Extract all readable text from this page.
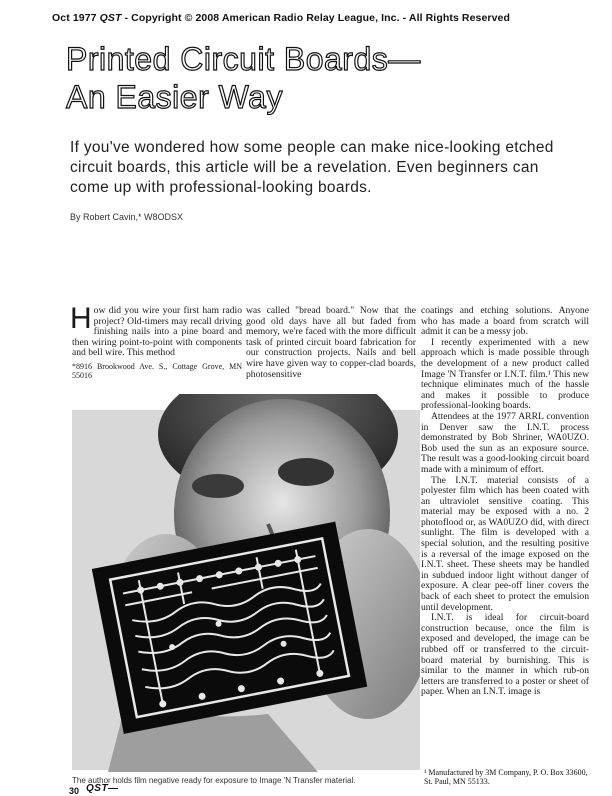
Oct 1977 QST - Copyright © 2008 American Radio Relay League, Inc. - All Rights Reserved
Printed Circuit Boards—
An Easier Way
If you've wondered how some people can make nice-looking etched circuit boards, this article will be a revelation. Even beginners can come up with professional-looking boards.
By Robert Cavin,* W8ODSX
H ow did you wire your first ham radio project? Old-timers may recall driving finishing nails into a pine board and then wiring point-to-point with components and bell wire. This method

*8916 Brookwood Ave. S., Cottage Grove, MN 55016

was called "bread board." Now that the good old days have all but faded from memory, we're faced with the more difficult task of printed circuit board fabrication for our construction projects. Nails and bell wire have given way to copper-clad boards, photosensitive

coatings and etching solutions. Anyone who has made a board from scratch will admit it can be a messy job.

I recently experimented with a new approach which is made possible through the development of a new product called Image 'N Transfer or I.N.T. film.¹ This new technique eliminates much of the hassle and makes it possible to produce professional-looking boards.

Attendees at the 1977 ARRL convention in Denver saw the I.N.T. process demonstrated by Bob Shriner, WA0UZO. Bob used the sun as an exposure source. The result was a good-looking circuit board made with a minimum of effort.

The I.N.T. material consists of a polyester film which has been coated with an ultraviolet sensitive coating. This material may be exposed with a no. 2 photoflood or, as WA0UZO did, with direct sunlight. The film is developed with a special solution, and the resulting positive is a reversal of the image exposed on the I.N.T. sheet. These sheets may be handled in subdued indoor light without danger of exposure. A clear pee-off liner covers the back of each sheet to protect the emulsion until development.

I.N.T. is ideal for circuit-board construction because, once the film is exposed and developed, the image can be rubbed off or transferred to the circuit-board material by burnishing. This is similar to the manner in which rub-on letters are transferred to a poster or sheet of paper. When an I.N.T. image is

¹ Manufactured by 3M Company, P. O. Box 33600, St. Paul, MN 55133.
The author holds film negative ready for exposure to Image 'N Transfer material.
30 QST—
